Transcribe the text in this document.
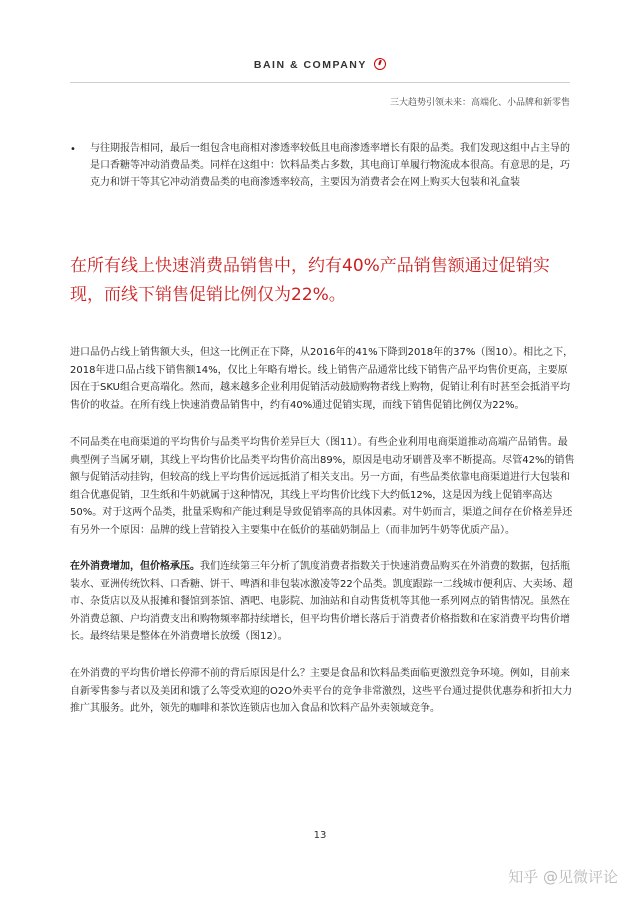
BAIN & COMPANY
三大趋势引领未来：高端化、小品牌和新零售
• 与往期报告相同，最后一组包含电商相对渗透率较低且电商渗透率增长有限的品类。我们发现这组中占主导的是口香糖等冲动消费品类。同样在这组中：饮料品类占多数，其电商订单履行物流成本很高。有意思的是，巧克力和饼干等其它冲动消费品类的电商渗透率较高，主要因为消费者会在网上购买大包装和礼盒装
在所有线上快速消费品销售中，约有40%产品销售额通过促销实现，而线下销售促销比例仅为22%。
进口品仍占线上销售额大头，但这一比例正在下降，从2016年的41%下降到2018年的37%（图10）。相比之下，2018年进口品占线下销售额14%，仅比上年略有增长。线上销售产品通常比线下销售产品平均售价更高，主要原因在于SKU组合更高端化。然而，越来越多企业利用促销活动鼓励购物者线上购物，促销让利有时甚至会抵消平均售价的收益。在所有线上快速消费品销售中，约有40%通过促销实现，而线下销售促销比例仅为22%。
不同品类在电商渠道的平均售价与品类平均售价差异巨大（图11）。有些企业利用电商渠道推动高端产品销售。最典型例子当属牙刷，其线上平均售价比品类平均售价高出89%，原因是电动牙刷普及率不断提高。尽管42%的销售额与促销活动挂钩，但较高的线上平均售价远远抵消了相关支出。另一方面，有些品类依靠电商渠道进行大包装和组合优惠促销，卫生纸和牛奶就属于这种情况，其线上平均售价比线下大约低12%，这是因为线上促销率高达50%。对于这两个品类，批量采购和产能过剩是导致促销率高的具体因素。对牛奶而言，渠道之间存在价格差异还有另外一个原因：品牌的线上营销投入主要集中在低价的基础奶制品上（而非加钙牛奶等优质产品）。
在外消费增加，但价格承压。我们连续第三年分析了凯度消费者指数关于快速消费品购买在外消费的数据，包括瓶装水、亚洲传统饮料、口香糖、饼干、啤酒和非包装冰激凌等22个品类。凯度跟踪一二线城市便利店、大卖场、超市、杂货店以及从报摊和餐馆到茶馆、酒吧、电影院、加油站和自动售货机等其他一系列网点的销售情况。虽然在外消费总额、户均消费支出和购物频率都持续增长，但平均售价增长落后于消费者价格指数和在家消费平均售价增长。最终结果是整体在外消费增长放缓（图12）。
在外消费的平均售价增长停滞不前的背后原因是什么？主要是食品和饮料品类面临更激烈竞争环境。例如，目前来自新零售参与者以及美团和饿了么等受欢迎的O2O外卖平台的竞争非常激烈，这些平台通过提供优惠券和折扣大力推广其服务。此外，领先的咖啡和茶饮连锁店也加入食品和饮料产品外卖领域竞争。
13
知乎 @见微评论
